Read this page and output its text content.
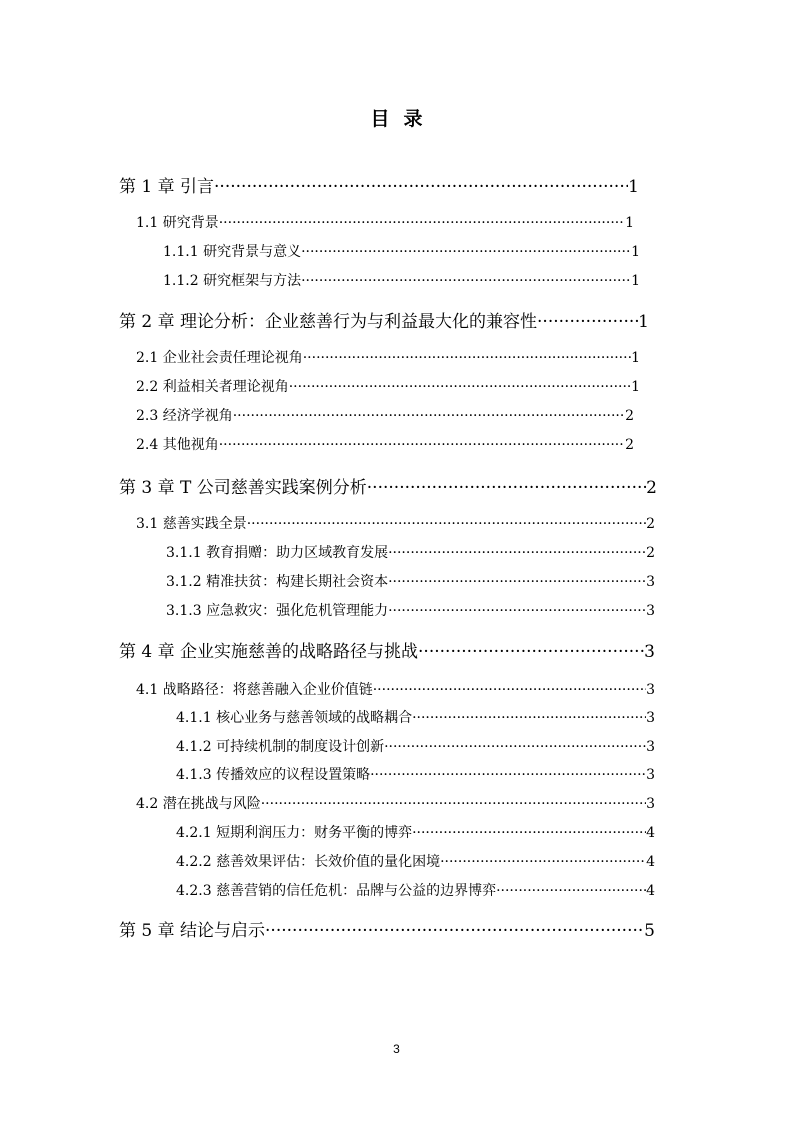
目录
第 1 章 引言 ·····	1
1.1 研究背景 ·····	1
1.1.1 研究背景与意义 ·····	1
1.1.2 研究框架与方法 ·····	1
第 2 章 理论分析：企业慈善行为与利益最大化的兼容性 ·····	1
2.1 企业社会责任理论视角 ·····	1
2.2 利益相关者理论视角 ·····	1
2.3 经济学视角 ·····	2
2.4 其他视角 ·····	2
第 3 章 T 公司慈善实践案例分析 ·····	2
3.1 慈善实践全景 ·····	2
3.1.1 教育捐赠：助力区域教育发展 ·····	2
3.1.2 精准扶贫：构建长期社会资本 ·····	3
3.1.3 应急救灾：强化危机管理能力 ·····	3
第 4 章 企业实施慈善的战略路径与挑战 ·····	3
4.1 战略路径：将慈善融入企业价值链 ·····	3
4.1.1 核心业务与慈善领域的战略耦合 ·····	3
4.1.2 可持续机制的制度设计创新 ·····	3
4.1.3 传播效应的议程设置策略 ·····	3
4.2 潜在挑战与风险 ·····	3
4.2.1 短期利润压力：财务平衡的博弈 ·····	4
4.2.2 慈善效果评估：长效价值的量化困境 ·····	4
4.2.3 慈善营销的信任危机：品牌与公益的边界博弈 ·····	4
第 5 章 结论与启示 ·····	5
3
